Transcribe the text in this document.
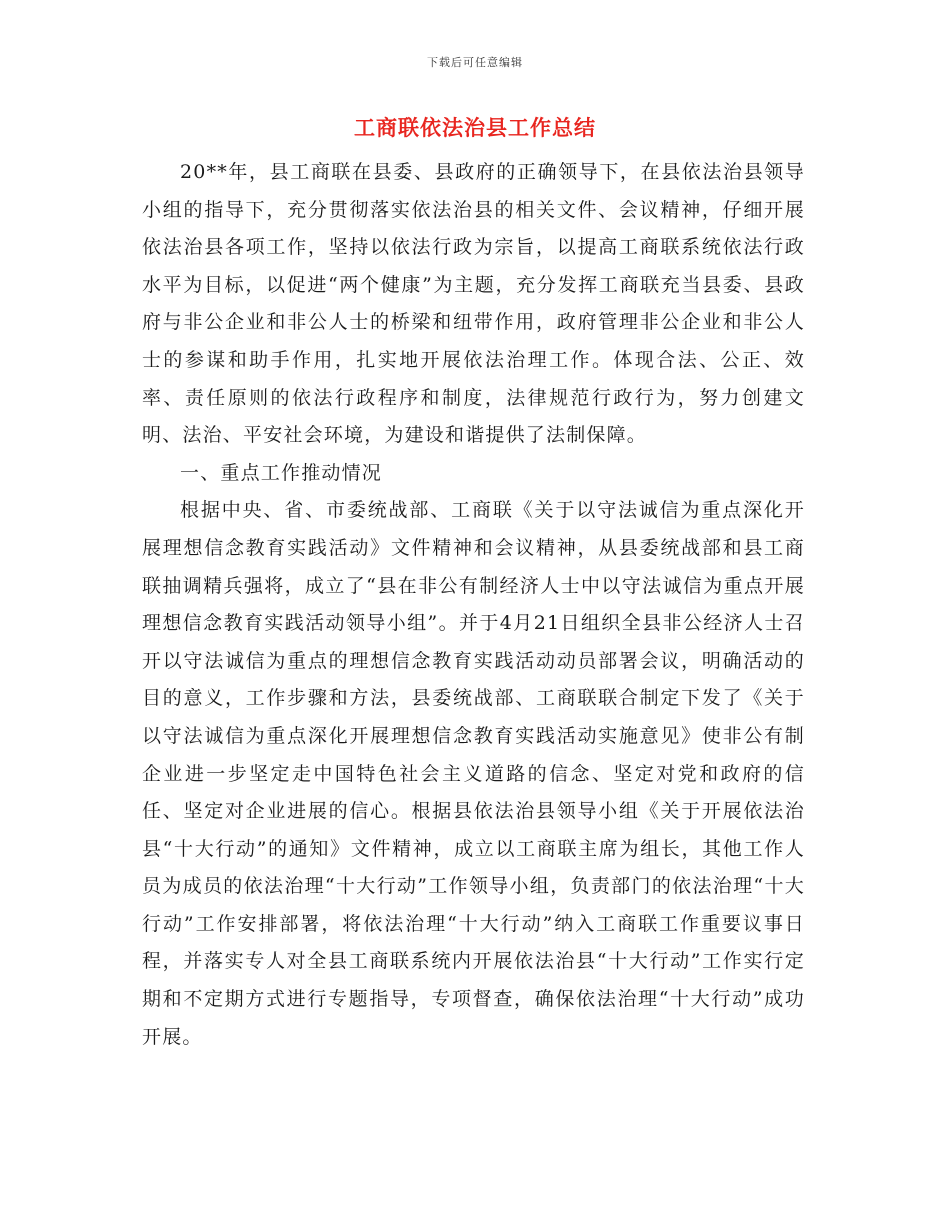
下载后可任意编辑
工商联依法治县工作总结

20**年，县工商联在县委、县政府的正确领导下，在县依法治县领导小组的指导下，充分贯彻落实依法治县的相关文件、会议精神，仔细开展依法治县各项工作，坚持以依法行政为宗旨，以提高工商联系统依法行政水平为目标，以促进“两个健康”为主题，充分发挥工商联充当县委、县政府与非公企业和非公人士的桥梁和纽带作用，政府管理非公企业和非公人士的参谋和助手作用，扎实地开展依法治理工作。体现合法、公正、效率、责任原则的依法行政程序和制度，法律规范行政行为，努力创建文明、法治、平安社会环境，为建设和谐提供了法制保障。

一、重点工作推动情况

根据中央、省、市委统战部、工商联《关于以守法诚信为重点深化开展理想信念教育实践活动》文件精神和会议精神，从县委统战部和县工商联抽调精兵强将，成立了“县在非公有制经济人士中以守法诚信为重点开展理想信念教育实践活动领导小组”。并于4月21日组织全县非公经济人士召开以守法诚信为重点的理想信念教育实践活动动员部署会议，明确活动的目的意义，工作步骤和方法，县委统战部、工商联联合制定下发了《关于以守法诚信为重点深化开展理想信念教育实践活动实施意见》使非公有制企业进一步坚定走中国特色社会主义道路的信念、坚定对党和政府的信任、坚定对企业进展的信心。根据县依法治县领导小组《关于开展依法治县“十大行动”的通知》文件精神，成立以工商联主席为组长，其他工作人员为成员的依法治理“十大行动”工作领导小组，负责部门的依法治理“十大行动”工作安排部署，将依法治理“十大行动”纳入工商联工作重要议事日程，并落实专人对全县工商联系统内开展依法治县“十大行动”工作实行定期和不定期方式进行专题指导，专项督查，确保依法治理“十大行动”成功开展。
